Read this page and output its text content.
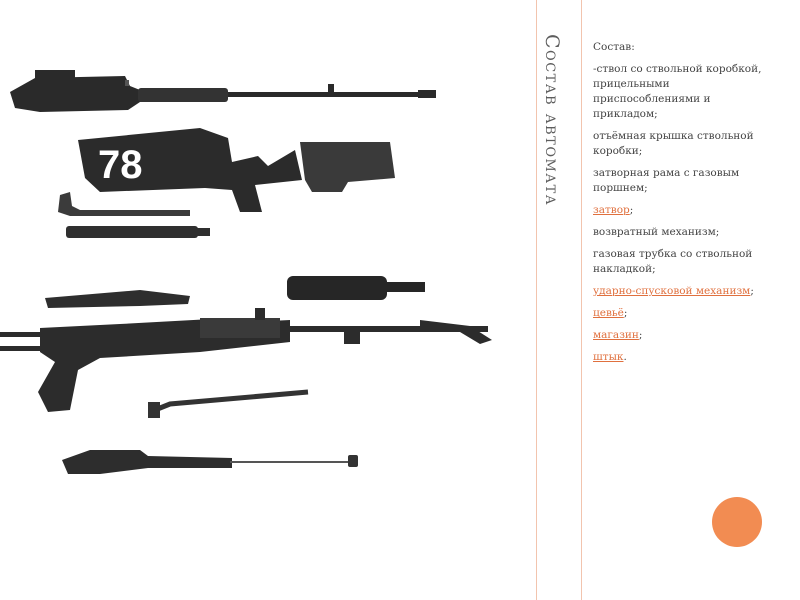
78	Состав автомата	Состав:

-ствол со ствольной коробкой, прицельными приспособлениями и прикладом;

отъёмная крышка ствольной коробки;

затворная рама с газовым поршнем;

затвор;

возвратный механизм;

газовая трубка со ствольной накладкой;

ударно-спусковой механизм;

цевьё;

магазин;

штык.
